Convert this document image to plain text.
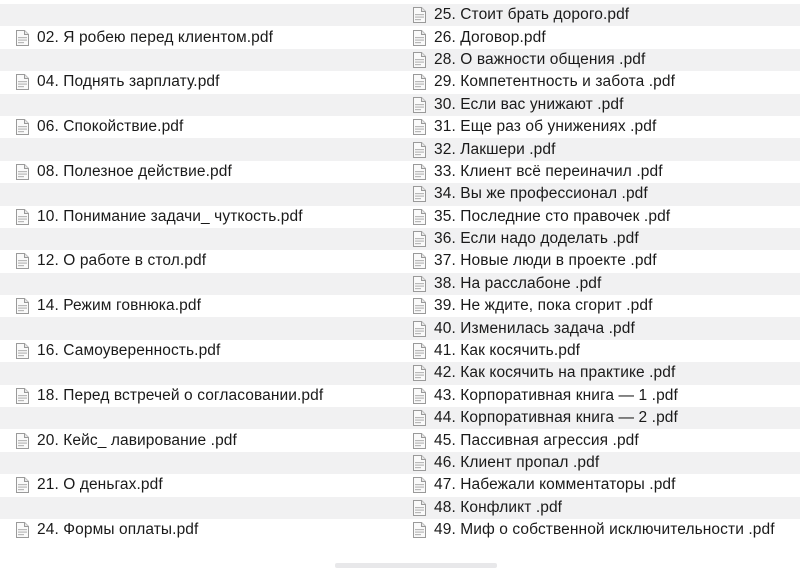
02. Я робею перед клиентом.pdf
04. Поднять зарплату.pdf
06. Спокойствие.pdf
08. Полезное действие.pdf
10. Понимание задачи_ чуткость.pdf
12. О работе в стол.pdf
14. Режим говнюка.pdf
16. Самоуверенность.pdf
18. Перед встречей о согласовании.pdf
20. Кейс_ лавирование .pdf
21. О деньгах.pdf
24. Формы оплаты.pdf
25. Стоит брать дорого.pdf
26. Договор.pdf
28. О важности общения .pdf
29. Компетентность и забота .pdf
30. Если вас унижают .pdf
31. Еще раз об унижениях .pdf
32. Лакшери .pdf
33. Клиент всё переиначил .pdf
34. Вы же профессионал .pdf
35. Последние сто правочек .pdf
36. Если надо доделать .pdf
37. Новые люди в проекте .pdf
38. На расслабоне .pdf
39. Не ждите, пока сгорит .pdf
40. Изменилась задача .pdf
41. Как косячить.pdf
42. Как косячить на практике .pdf
43. Корпоративная книга — 1 .pdf
44. Корпоративная книга — 2 .pdf
45. Пассивная агрессия .pdf
46. Клиент пропал .pdf
47. Набежали комментаторы .pdf
48. Конфликт .pdf
49. Миф о собственной исключительности .pdf
